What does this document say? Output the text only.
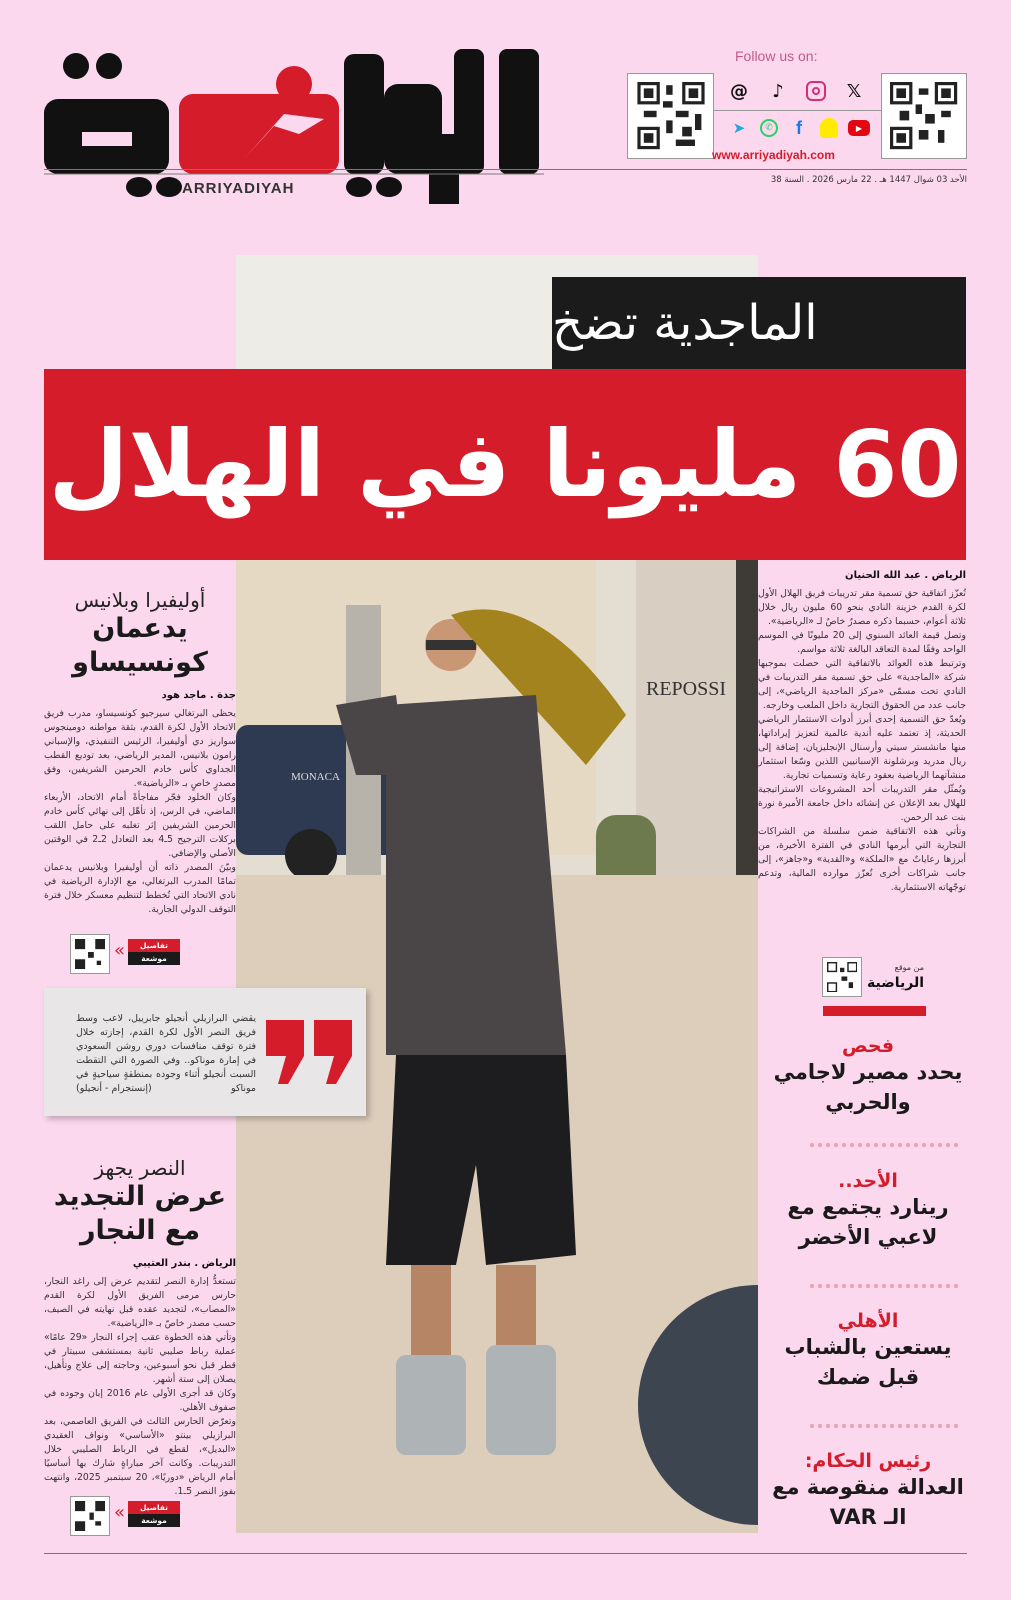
ARRIYADIYAH
Follow us on:
@ ♪	𝕏
➤	✆	f	▶
www.arriyadiyah.com
الأحد 03 شوال 1447 هـ . 22 مارس 2026 . السنة 38
REPOSSI
MONACA
الماجدية تضخ
60 مليونا في الهلال
الرياض . عبد الله الحنيان

تُعزّز اتفاقية حق تسمية مقر تدريبات فريق الهلال الأول لكرة القدم خزينة النادي بنحو 60 مليون ريال خلال ثلاثة أعوام، حسبما ذكره مصدرٌ خاصٌ لـ «الرياضية».

وتصل قيمة العائد السنوي إلى 20 مليونًا في الموسم الواحد وفقًا لمدة التعاقد البالغة ثلاثة مواسم.

وترتبط هذه العوائد بالاتفاقية التي حصلت بموجبها شركة «الماجدية» على حق تسمية مقر التدريبات في النادي تحت مسمّى «مركز الماجدية الرياضي»، إلى جانب عدد من الحقوق التجارية داخل الملعب وخارجه.

ويُعدّ حق التسمية إحدى أبرز أدوات الاستثمار الرياضي الحديثة، إذ تعتمد عليه أندية عالمية لتعزيز إيراداتها، منها مانشستر سيتي وأرسنال الإنجليزيان، إضافة إلى ريال مدريد وبرشلونة الإسبانيين اللذين وسّعا استثمار منشآتهما الرياضية بعقود رعاية وتسميات تجارية.

ويُمثّل مقر التدريبات أحد المشروعات الاستراتيجية للهلال بعد الإعلان عن إنشائه داخل جامعة الأميرة نورة بنت عبد الرحمن.

وتأتي هذه الاتفاقية ضمن سلسلة من الشراكات التجارية التي أبرمها النادي في الفترة الأخيرة، من أبرزها رعاياتٌ مع «الملكة» و«القدية» و«جاهز»، إلى جانب شراكات أخرى تُعزّز موارده المالية، وتدعم توجّهاته الاستثمارية.

من موقع
الرياضية
فحص
يحدد مصير لاجامي والحربي
الأحد..
رينارد يجتمع مع لاعبي الأخضر
الأهلي
يستعين بالشباب قبل ضمك
رئيس الحكام:
العدالة منقوصة مع الـ VAR
أوليفيرا وبلانيس
يدعمان
كونسيساو
جدة . ماجد هود

يحظى البرتغالي سيرجيو كونسيساو، مدرب فريق الاتحاد الأول لكرة القدم، بثقة مواطنه دومينجوس سواريز دي أوليفيرا، الرئيس التنفيذي، والإسباني رامون بلانيس، المدير الرياضي، بعد توديع القطب الجداوي كأس خادم الحرمين الشريفين، وفق مصدرٍ خاصٍ بـ «الرياضية».

وكان الخلود فجّر مفاجأةً أمام الاتحاد، الأربعاء الماضي، في الرس، إذ تأهّل إلى نهائي كأس خادم الحرمين الشريفين إثر تغلبه على حامل اللقب بركلات الترجيح 5ـ4 بعد التعادل 2ـ2 في الوقتين الأصلي والإضافي.

وبيّنَ المصدر ذاته أن أوليفيرا وبلانيس يدعمان تمامًا المدرب البرتغالي، مع الإدارة الرياضية في نادي الاتحاد التي تُخطط لتنظيم معسكر خلال فترة التوقف الدولي الجارية.

«	تفاصيل
موشعة
يقضي البرازيلي أنجيلو جابرييل، لاعب وسط فريق النصر الأول لكرة القدم، إجازته خلال فترة توقف منافسات دوري روشن السعودي في إمارة موناكو.. وفي الصورة التي التقطت السبت أنجيلو أثناء وجوده بمنطقةٍ سياحيةٍ في موناكو
(إنستجرام - أنجيلو)
النصر يجهز
عرض التجديد
مع النجار
الرياض . بندر العتيبي

تستعدُّ إدارة النصر لتقديم عرض إلى راغد النجار، حارس مرمى الفريق الأول لكرة القدم «المصاب»، لتجديد عقده قبل نهايته في الصيف، حسب مصدر خاصّ بـ «الرياضية».

وتأتي هذه الخطوة عقب إجراء النجار «29 عامًا» عملية رباط صليبي ثانية بمستشفى سبيتار في قطر قبل نحو أسبوعين، وحاجته إلى علاج وتأهيل، يصلان إلى ستة أشهر.

وكان قد أجرى الأولى عام 2016 إبان وجوده في صفوف الأهلي.

وتعرّض الحارس الثالث في الفريق العاصمي، بعد البرازيلي بينتو «الأساسي» ونواف العقيدي «البديل»، لقطع في الرباط الصليبي خلال التدريبات. وكانت آخر مباراةٍ شارك بها أساسيًا أمام الرياض «دوريًا»، 20 سبتمبر 2025، وانتهت بفوز النصر 5ـ1.

«	تفاصيل
موشعة
